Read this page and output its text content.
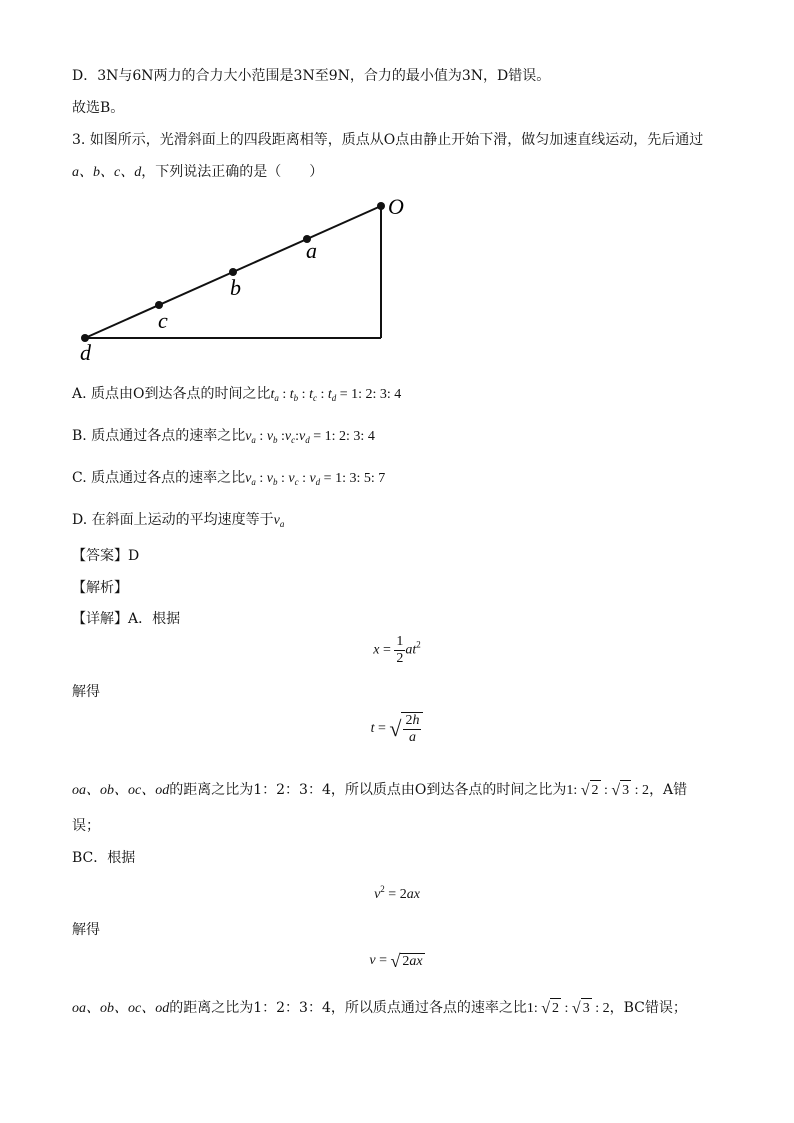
D．3N与6N两力的合力大小范围是3N至9N，合力的最小值为3N，D错误。
故选B。
3. 如图所示，光滑斜面上的四段距离相等，质点从O点由静止开始下滑，做匀加速直线运动，先后通过
a、b、c、d，下列说法正确的是（　　）
O
a
b
c
d
A. 质点由O到达各点的时间之比$t_a$ : $t_b$ : $t_c$ : $t_d = 1$: 2: 3: 4
B. 质点通过各点的速率之比$v_a$ : $v_b$ $:v_c:v_d = 1$: 2: 3: 4
C. 质点通过各点的速率之比$v_a$ : $v_b$ : $v_c$ : $v_d = 1$: 3: 5: 7
D. 在斜面上运动的平均速度等于$v_a$
【答案】D
【解析】
【详解】A．根据
$x = \frac{1}{2} at^2$
解得
t = √ $\frac{2h}{a}$
oa、ob、oc、od的距离之比为1：2：3：4，所以质点由O到达各点的时间之比为1: √ 2 : √ 3 : 2，A错
误；
BC．根据
$v^2 = 2ax$
解得
v = √ 2ax
oa、ob、oc、od的距离之比为1：2：3：4，所以质点通过各点的速率之比1: √ 2 : √ 3 : 2，BC错误；
